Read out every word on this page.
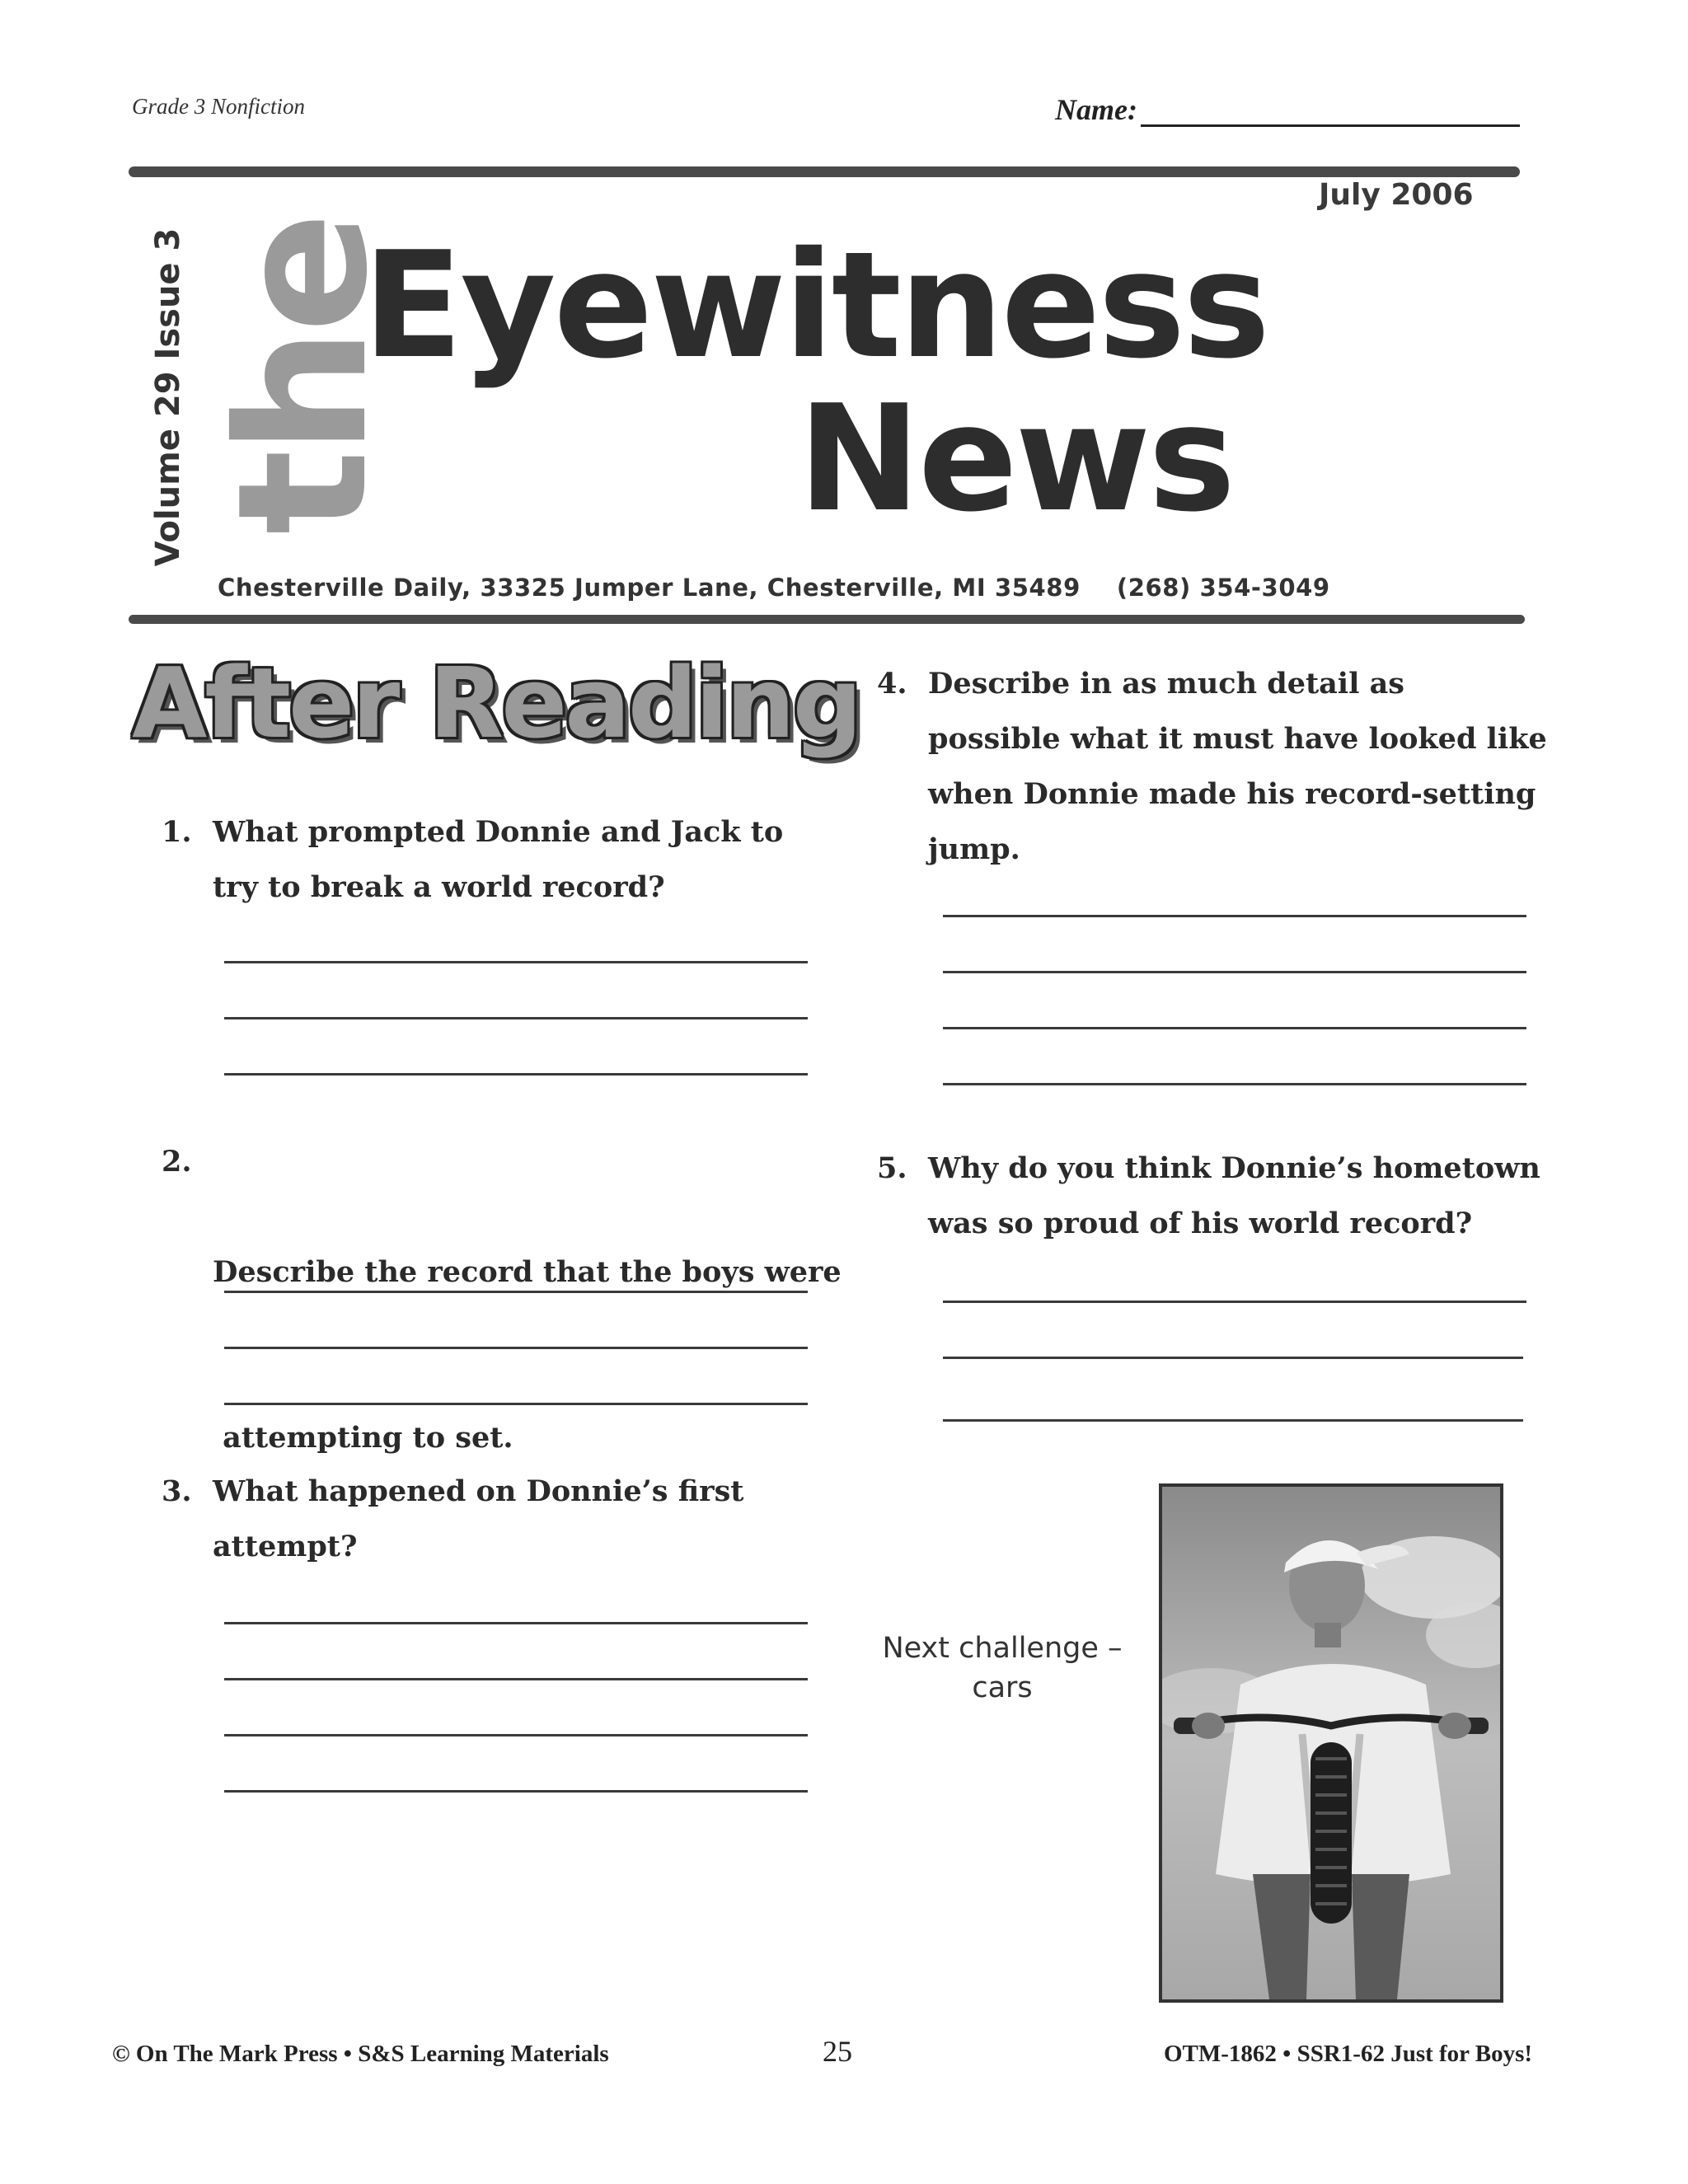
Grade 3 Nonfiction	Name:
July 2006
Volume 29 Issue 3 the
Eyewitness
News
Chesterville Daily, 33325 Jumper Lane, Chesterville, MI 35489 (268) 354-3049
After Reading
1. What prompted Donnie and Jack to
try to break a world record?
2.

Describe the record that the boys were

attempting to set.

3. What happened on Donnie’s first
attempt?
4. Describe in as much detail as
possible what it must have looked like
when Donnie made his record-setting
jump.
5. Why do you think Donnie’s hometown
was so proud of his world record?
Next challenge –
cars
© On The Mark Press • S&S Learning Materials	25	OTM-1862 • SSR1-62 Just for Boys!
